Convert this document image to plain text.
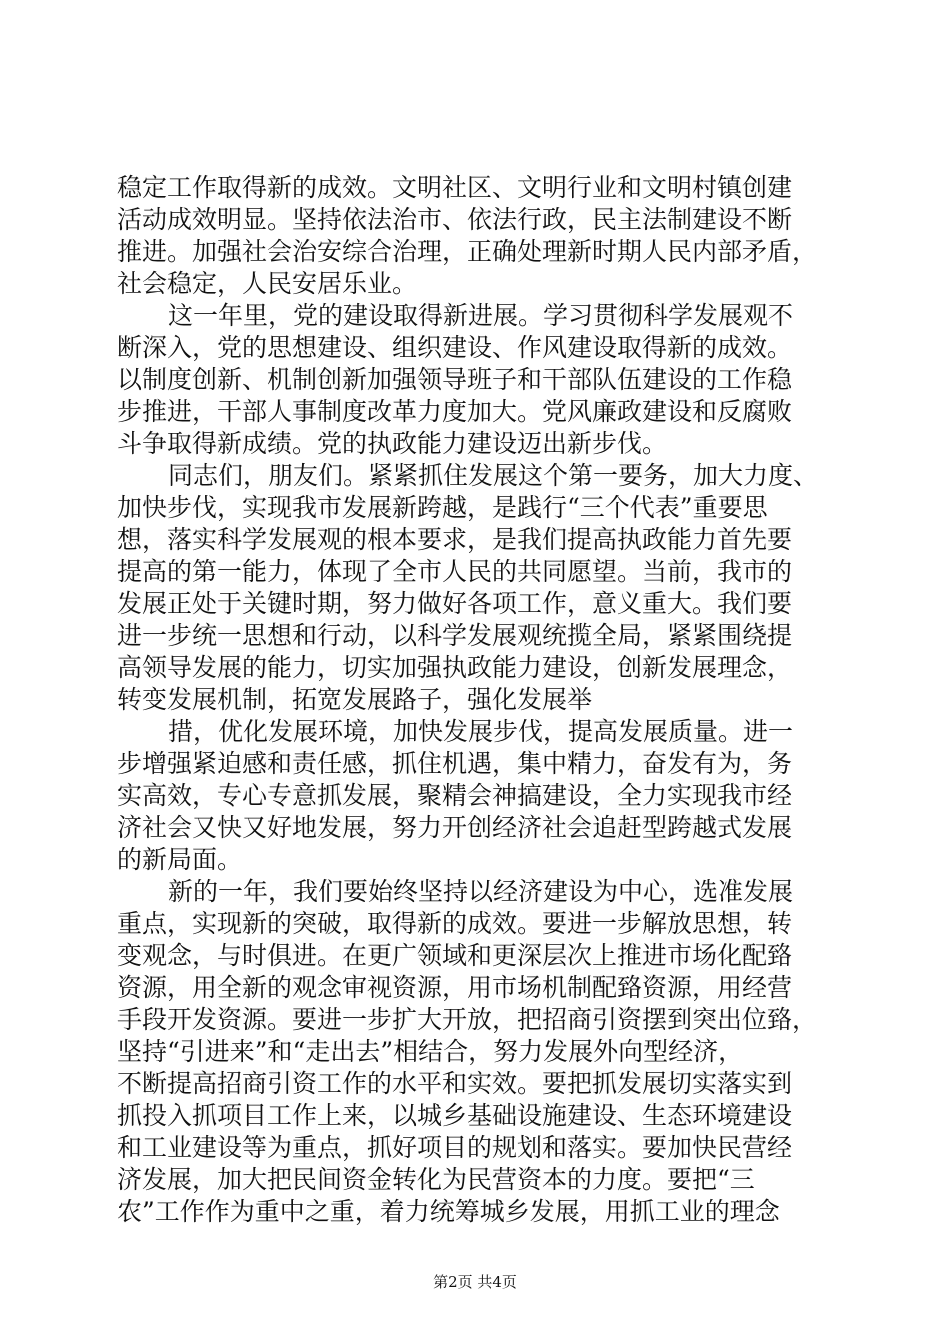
稳定工作取得新的成效。文明社区、文明行业和文明村镇创建
活动成效明显。坚持依法治市、依法行政，民主法制建设不断
推进。加强社会治安综合治理，正确处理新时期人民内部矛盾，
社会稳定，人民安居乐业。
这一年里，党的建设取得新进展。学习贯彻科学发展观不
断深入，党的思想建设、组织建设、作风建设取得新的成效。
以制度创新、机制创新加强领导班子和干部队伍建设的工作稳
步推进，干部人事制度改革力度加大。党风廉政建设和反腐败
斗争取得新成绩。党的执政能力建设迈出新步伐。
同志们，朋友们。紧紧抓住发展这个第一要务，加大力度、
加快步伐，实现我市发展新跨越，是践行“三个代表”重要思
想，落实科学发展观的根本要求，是我们提高执政能力首先要
提高的第一能力，体现了全市人民的共同愿望。当前，我市的
发展正处于关键时期，努力做好各项工作，意义重大。我们要
进一步统一思想和行动，以科学发展观统揽全局，紧紧围绕提
高领导发展的能力，切实加强执政能力建设，创新发展理念，
转变发展机制，拓宽发展路子，强化发展举
措，优化发展环境，加快发展步伐，提高发展质量。进一
步增强紧迫感和责任感，抓住机遇，集中精力，奋发有为，务
实高效，专心专意抓发展，聚精会神搞建设，全力实现我市经
济社会又快又好地发展，努力开创经济社会追赶型跨越式发展
的新局面。
新的一年，我们要始终坚持以经济建设为中心，选准发展
重点，实现新的突破，取得新的成效。要进一步解放思想，转
变观念，与时俱进。在更广领域和更深层次上推进市场化配臵
资源，用全新的观念审视资源，用市场机制配臵资源，用经营
手段开发资源。要进一步扩大开放，把招商引资摆到突出位臵，
坚持“引进来”和“走出去”相结合，努力发展外向型经济，
不断提高招商引资工作的水平和实效。要把抓发展切实落实到
抓投入抓项目工作上来，以城乡基础设施建设、生态环境建设
和工业建设等为重点，抓好项目的规划和落实。要加快民营经
济发展，加大把民间资金转化为民营资本的力度。要把“三
农”工作作为重中之重，着力统筹城乡发展，用抓工业的理念
第2页 共4页
